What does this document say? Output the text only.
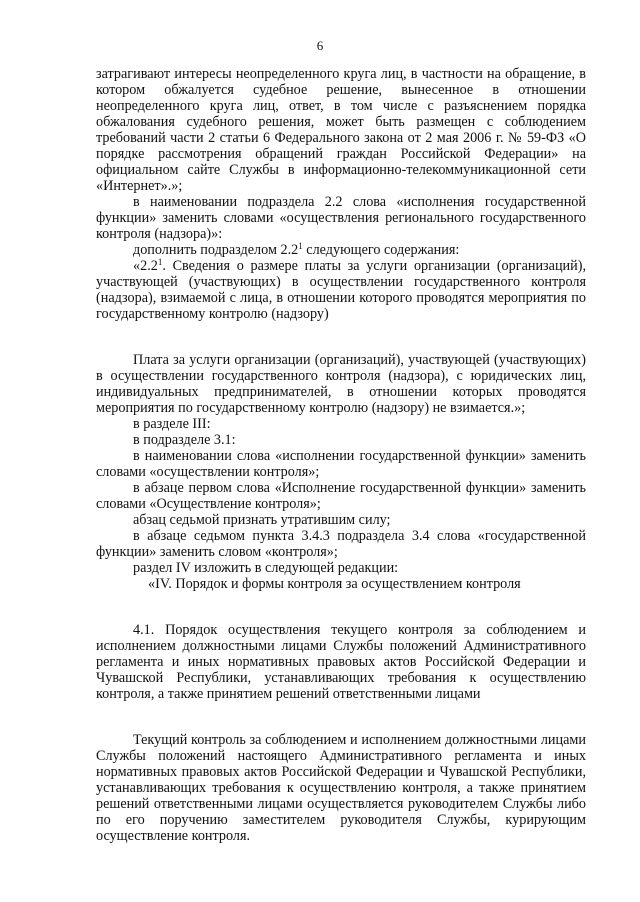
6

затрагивают интересы неопределенного круга лиц, в частности на обращение, в котором обжалуется судебное решение, вынесенное в отношении неопределенного круга лиц, ответ, в том числе с разъяснением порядка обжалования судебного решения, может быть размещен с соблюдением требований части 2 статьи 6 Федерального закона от 2 мая 2006 г. № 59-ФЗ «О порядке рассмотрения обращений граждан Российской Федерации» на официальном сайте Службы в информационно-телекоммуникационной сети «Интернет».»;

в наименовании подраздела 2.2 слова «исполнения государственной функции» заменить словами «осуществления регионального государственного контроля (надзора)»:

дополнить подразделом $2.2^1$ следующего содержания:

«$2.2^1$. Сведения о размере платы за услуги организации (организаций), участвующей (участвующих) в осуществлении государственного контроля (надзора), взимаемой с лица, в отношении которого проводятся мероприятия по государственному контролю (надзору)

Плата за услуги организации (организаций), участвующей (участвующих) в осуществлении государственного контроля (надзора), с юридических лиц, индивидуальных предпринимателей, в отношении которых проводятся мероприятия по государственному контролю (надзору) не взимается.»;

в разделе III:

в подразделе 3.1:

в наименовании слова «исполнении государственной функции» заменить словами «осуществлении контроля»;

в абзаце первом слова «Исполнение государственной функции» заменить словами «Осуществление контроля»;

абзац седьмой признать утратившим силу;

в абзаце седьмом пункта 3.4.3 подраздела 3.4 слова «государственной функции» заменить словом «контроля»;

раздел IV изложить в следующей редакции:

«IV. Порядок и формы контроля за осуществлением контроля

4.1. Порядок осуществления текущего контроля за соблюдением и исполнением должностными лицами Службы положений Административного регламента и иных нормативных правовых актов Российской Федерации и Чувашской Республики, устанавливающих требования к осуществлению контроля, а также принятием решений ответственными лицами

Текущий контроль за соблюдением и исполнением должностными лицами Службы положений настоящего Административного регламента и иных нормативных правовых актов Российской Федерации и Чувашской Республики, устанавливающих требования к осуществлению контроля, а также принятием решений ответственными лицами осуществляется руководителем Службы либо по его поручению заместителем руководителя Службы, курирующим осуществление контроля.
